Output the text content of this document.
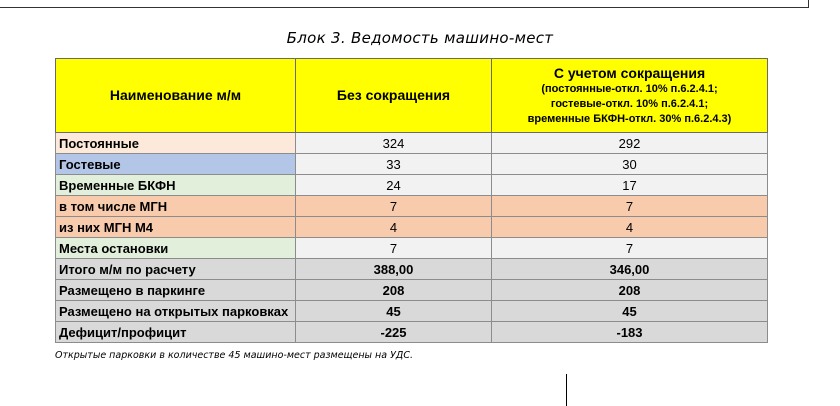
Блок 3. Ведомость машино-мест
Наименование м/м	Без сокращения	С учетом сокращения
(постоянные-откл. 10% п.6.2.4.1;
гостевые-откл. 10% п.6.2.4.1;
временные БКФН-откл. 30% п.6.2.4.3)

Постоянные	324	292
Гостевые	33	30
Временные БКФН	24	17
в том числе МГН	7	7
из них МГН М4	4	4
Места остановки	7	7
Итого м/м по расчету	388,00	346,00
Размещено в паркинге	208	208
Размещено на открытых парковках	45	45
Дефицит/профицит	-225	-183
Открытые парковки в количестве 45 машино-мест размещены на УДС.
